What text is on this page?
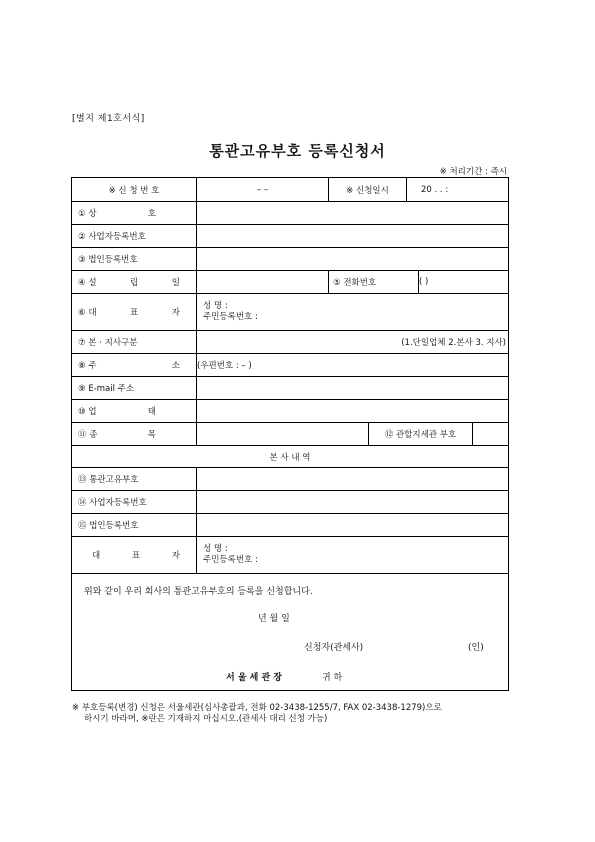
[별지 제1호서식]
통관고유부호 등록신청서
※ 처리기간 : 즉시
※ 신 청 번 호	– –	※ 신청일시	20 . . :
① 상	호
② 사업자등록번호
③ 법인등록번호
④ 설	립	일	⑤ 전화번호	( )
⑥ 대	표	자
성 명 :
주민등록번호 :
⑦ 본 · 지사구분	(1.단일업체 2.본사 3. 지사)
⑧ 주	소 (우편번호 : – )
⑨ E-mail 주소
⑩ 업	태
⑪ 종	목	⑫ 관할지세관 부호
본 사 내 역
⑬ 통관고유부호
⑭ 사업자등록번호
⑮ 법인등록번호
대	표	자
성 명 :
주민등록번호 :
위와 같이 우리 회사의 통관고유부호의 등록을 신청합니다.
년 월 일
신청자(관세사)	(인)
서 울 세 관 장	귀 하
※ 부호등록(변경) 신청은 서울세관(심사총괄과, 전화 02-3438-1255/7, FAX 02-3438-1279)으로
하시기 바라며, ※란은 기재하지 마십시오.(관세사 대리 신청 가능)
